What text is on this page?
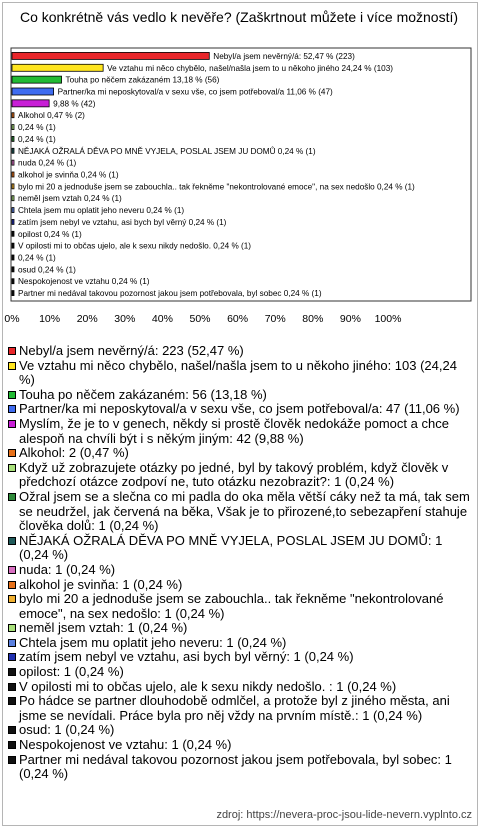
Co konkrétně vás vedlo k nevěře? (Zaškrtnout můžete i více možností)
Nebyl/a jsem nevěrný/á: 52,47 % (223)
Ve vztahu mi něco chybělo, našel/našla jsem to u někoho jiného 24,24 % (103)
Touha po něčem zakázaném 13,18 % (56)
Partner/ka mi neposkytoval/a v sexu vše, co jsem potřeboval/a 11,06 % (47)
9,88 % (42)
Alkohol 0,47 % (2)
0,24 % (1)
0,24 % (1)
NĚJAKÁ OŽRALÁ DĚVA PO MNĚ VYJELA, POSLAL JSEM JU DOMŮ 0,24 % (1)
nuda 0,24 % (1)
alkohol je svinňa 0,24 % (1)
bylo mi 20 a jednoduše jsem se zabouchla.. tak řekněme "nekontrolované emoce", na sex nedošlo 0,24 % (1)
neměl jsem vztah 0,24 % (1)
Chtela jsem mu oplatit jeho neveru 0,24 % (1)
zatím jsem nebyl ve vztahu, asi bych byl věrný 0,24 % (1)
opilost 0,24 % (1)
V opilosti mi to občas ujelo, ale k sexu nikdy nedošlo. 0,24 % (1)
0,24 % (1)
osud 0,24 % (1)
Nespokojenost ve vztahu 0,24 % (1)
Partner mi nedával takovou pozornost jakou jsem potřebovala, byl sobec 0,24 % (1)
0% 10% 20% 30% 40% 50% 60% 70% 80% 90% 100%
Nebyl/a jsem nevěrný/á: 223 (52,47 %)
Ve vztahu mi něco chybělo, našel/našla jsem to u někoho jiného: 103 (24,24 %)
Touha po něčem zakázaném: 56 (13,18 %)
Partner/ka mi neposkytoval/a v sexu vše, co jsem potřeboval/a: 47 (11,06 %)
Myslím, že je to v genech, někdy si prostě člověk nedokáže pomoct a chce alespoň na chvíli být i s někým jiným: 42 (9,88 %)
Alkohol: 2 (0,47 %)
Když už zobrazujete otázky po jedné, byl by takový problém, když člověk v předchozí otázce zodpoví ne, tuto otázku nezobrazit?: 1 (0,24 %)
Ožral jsem se a slečna co mi padla do oka měla větší cáky než ta má, tak sem se neudržel, jak červená na běka, Však je to přirozené,to sebezapření stahuje člověka dolů: 1 (0,24 %)
NĚJAKÁ OŽRALÁ DĚVA PO MNĚ VYJELA, POSLAL JSEM JU DOMŮ: 1 (0,24 %)
nuda: 1 (0,24 %)
alkohol je svinňa: 1 (0,24 %)
bylo mi 20 a jednoduše jsem se zabouchla.. tak řekněme "nekontrolované emoce", na sex nedošlo: 1 (0,24 %)
neměl jsem vztah: 1 (0,24 %)
Chtela jsem mu oplatit jeho neveru: 1 (0,24 %)
zatím jsem nebyl ve vztahu, asi bych byl věrný: 1 (0,24 %)
opilost: 1 (0,24 %)
V opilosti mi to občas ujelo, ale k sexu nikdy nedošlo. : 1 (0,24 %)
Po hádce se partner dlouhodobě odmlčel, a protože byl z jiného města, ani jsme se nevídali. Práce byla pro něj vždy na prvním místě.: 1 (0,24 %)
osud: 1 (0,24 %)
Nespokojenost ve vztahu: 1 (0,24 %)
Partner mi nedával takovou pozornost jakou jsem potřebovala, byl sobec: 1 (0,24 %)
zdroj: https://nevera-proc-jsou-lide-nevern.vyplnto.cz
